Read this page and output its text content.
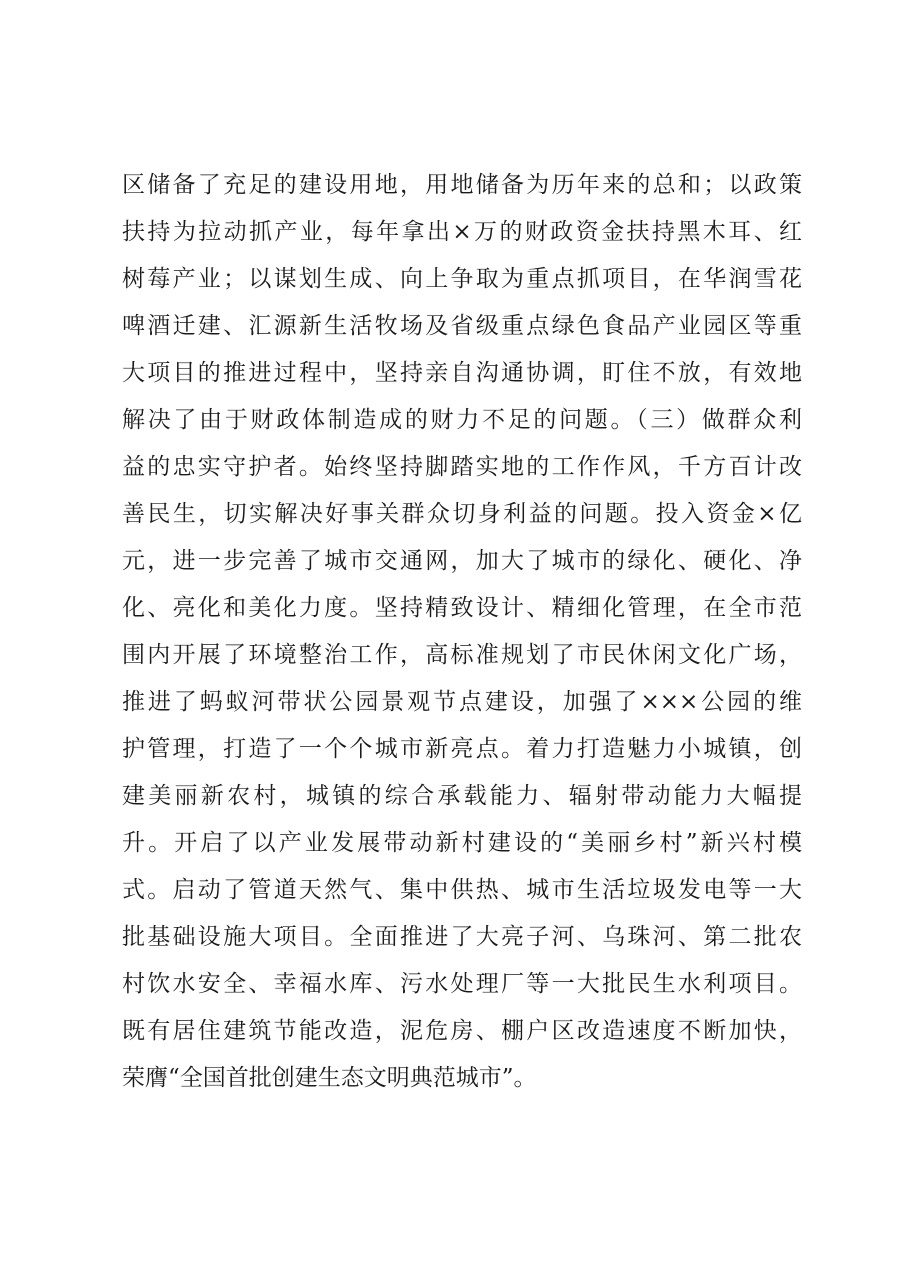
区储备了充足的建设用地，用地储备为历年来的总和；以政策
扶持为拉动抓产业，每年拿出×万的财政资金扶持黑木耳、红
树莓产业；以谋划生成、向上争取为重点抓项目，在华润雪花
啤酒迁建、汇源新生活牧场及省级重点绿色食品产业园区等重
大项目的推进过程中，坚持亲自沟通协调，盯住不放，有效地
解决了由于财政体制造成的财力不足的问题。（三）做群众利
益的忠实守护者。始终坚持脚踏实地的工作作风，千方百计改
善民生，切实解决好事关群众切身利益的问题。投入资金×亿
元，进一步完善了城市交通网，加大了城市的绿化、硬化、净
化、亮化和美化力度。坚持精致设计、精细化管理，在全市范
围内开展了环境整治工作，高标准规划了市民休闲文化广场，
推进了蚂蚁河带状公园景观节点建设，加强了×××公园的维
护管理，打造了一个个城市新亮点。着力打造魅力小城镇，创
建美丽新农村，城镇的综合承载能力、辐射带动能力大幅提
升。开启了以产业发展带动新村建设的“美丽乡村”新兴村模
式。启动了管道天然气、集中供热、城市生活垃圾发电等一大
批基础设施大项目。全面推进了大亮子河、乌珠河、第二批农
村饮水安全、幸福水库、污水处理厂等一大批民生水利项目。
既有居住建筑节能改造，泥危房、棚户区改造速度不断加快，
荣膺“全国首批创建生态文明典范城市”。
